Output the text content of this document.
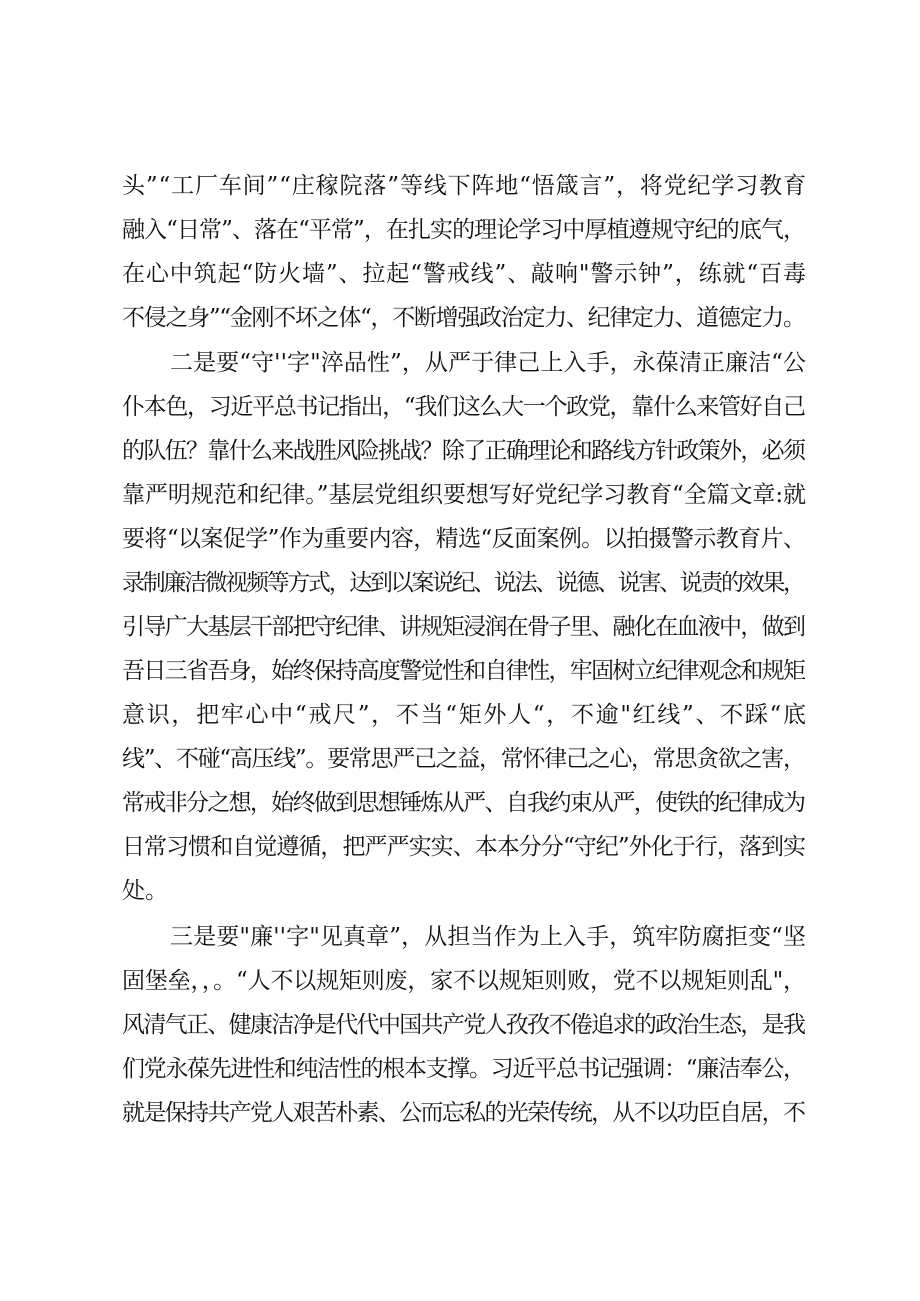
头”“工厂车间”“庄稼院落”等线下阵地“悟箴言”，将党纪学习教育

融入“日常”、落在“平常”，在扎实的理论学习中厚植遵规守纪的底气，

在心中筑起“防火墙”、拉起“警戒线”、敲响"警示钟”，练就“百毒

不侵之身”“金刚不坏之体“，不断增强政治定力、纪律定力、道德定力。

二是要“守''字"淬品性”，从严于律己上入手，永葆清正廉洁“公

仆本色，习近平总书记指出，“我们这么大一个政党，靠什么来管好自己

的队伍？靠什么来战胜风险挑战？除了正确理论和路线方针政策外，必须

靠严明规范和纪律。”基层党组织要想写好党纪学习教育“全篇文章:就

要将“以案促学”作为重要内容，精选“反面案例。以拍摄警示教育片、

录制廉洁微视频等方式，达到以案说纪、说法、说德、说害、说责的效果，

引导广大基层干部把守纪律、讲规矩浸润在骨子里、融化在血液中，做到

吾日三省吾身，始终保持高度警觉性和自律性，牢固树立纪律观念和规矩

意识，把牢心中“戒尺”，不当“矩外人“，不逾"红线”、不踩“底

线”、不碰“高压线”。要常思严己之益，常怀律己之心，常思贪欲之害，

常戒非分之想，始终做到思想锤炼从严、自我约束从严，使铁的纪律成为

日常习惯和自觉遵循，把严严实实、本本分分“守纪”外化于行，落到实

处。

三是要"廉''字"见真章”，从担当作为上入手，筑牢防腐拒变“坚

固堡垒，，。“人不以规矩则废，家不以规矩则败，党不以规矩则乱"，

风清气正、健康洁净是代代中国共产党人孜孜不倦追求的政治生态，是我

们党永葆先进性和纯洁性的根本支撑。习近平总书记强调：“廉洁奉公，

就是保持共产党人艰苦朴素、公而忘私的光荣传统，从不以功臣自居，不
